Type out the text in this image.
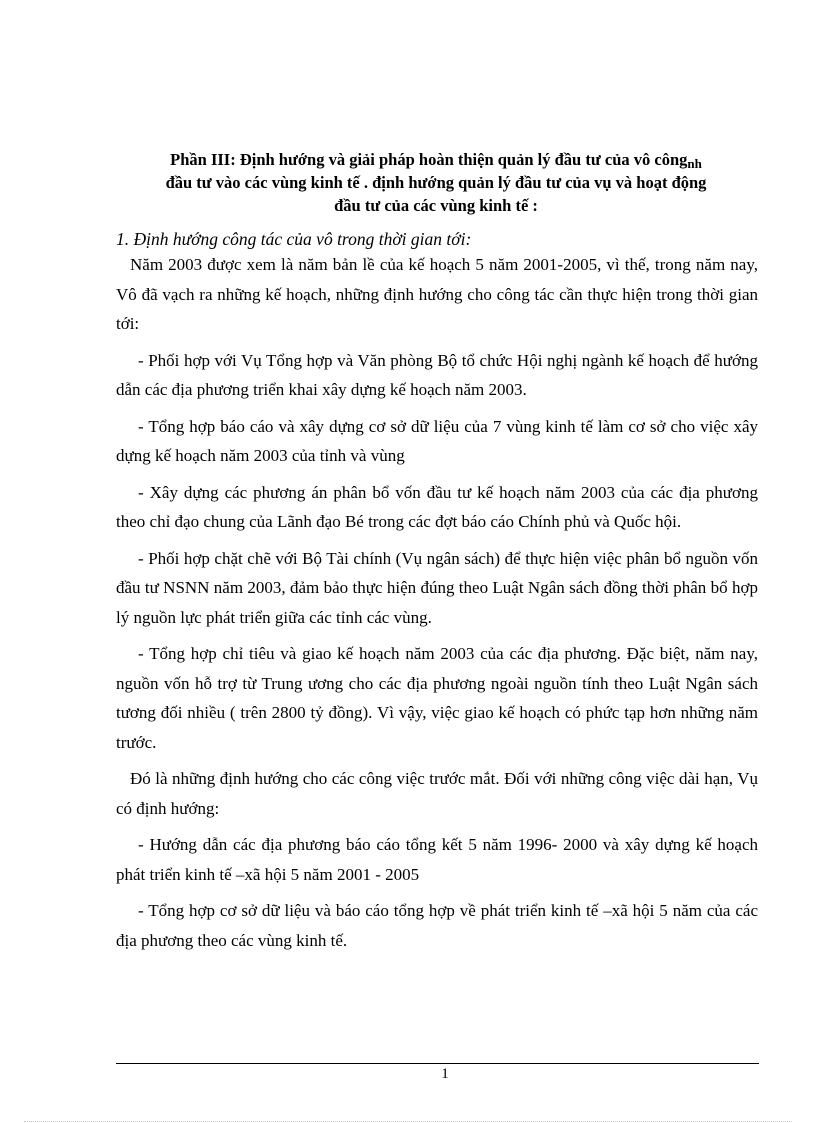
Phần III: Định hướng và giải pháp hoàn thiện quản lý đầu tư của vô công$_{nh}$
đầu tư vào các vùng kinh tế . định hướng quản lý đầu tư của vụ và hoạt động
đầu tư của các vùng kinh tế :
1. Định hướng công tác của vô trong thời gian tới:

Năm 2003 được xem là năm bản lề của kế hoạch 5 năm 2001-2005, vì thế, trong năm nay, Vô đã vạch ra những kế hoạch, những định hướng cho công tác cần thực hiện trong thời gian tới:

- Phối hợp với Vụ Tổng hợp và Văn phòng Bộ tổ chức Hội nghị ngành kế hoạch để hướng dẫn các địa phương triển khai xây dựng kế hoạch năm 2003.

- Tổng hợp báo cáo và xây dựng cơ sở dữ liệu của 7 vùng kinh tế làm cơ sở cho việc xây dựng kế hoạch năm 2003 của tỉnh và vùng

- Xây dựng các phương án phân bổ vốn đầu tư kế hoạch năm 2003 của các địa phương theo chỉ đạo chung của Lãnh đạo Bé trong các đợt báo cáo Chính phủ và Quốc hội.

- Phối hợp chặt chẽ với Bộ Tài chính (Vụ ngân sách) để thực hiện việc phân bổ nguồn vốn đầu tư NSNN năm 2003, đảm bảo thực hiện đúng theo Luật Ngân sách đồng thời phân bổ hợp lý nguồn lực phát triển giữa các tỉnh các vùng.

- Tổng hợp chỉ tiêu và giao kế hoạch năm 2003 của các địa phương. Đặc biệt, năm nay, nguồn vốn hỗ trợ từ Trung ương cho các địa phương ngoài nguồn tính theo Luật Ngân sách tương đối nhiều ( trên 2800 tỷ đồng). Vì vậy, việc giao kế hoạch có phức tạp hơn những năm trước.

Đó là những định hướng cho các công việc trước mắt. Đối với những công việc dài hạn, Vụ có định hướng:

- Hướng dẫn các địa phương báo cáo tổng kết 5 năm 1996- 2000 và xây dựng kế hoạch phát triển kinh tế –xã hội 5 năm 2001 - 2005

- Tổng hợp cơ sở dữ liệu và báo cáo tổng hợp về phát triển kinh tế –xã hội 5 năm của các địa phương theo các vùng kinh tế.

1
